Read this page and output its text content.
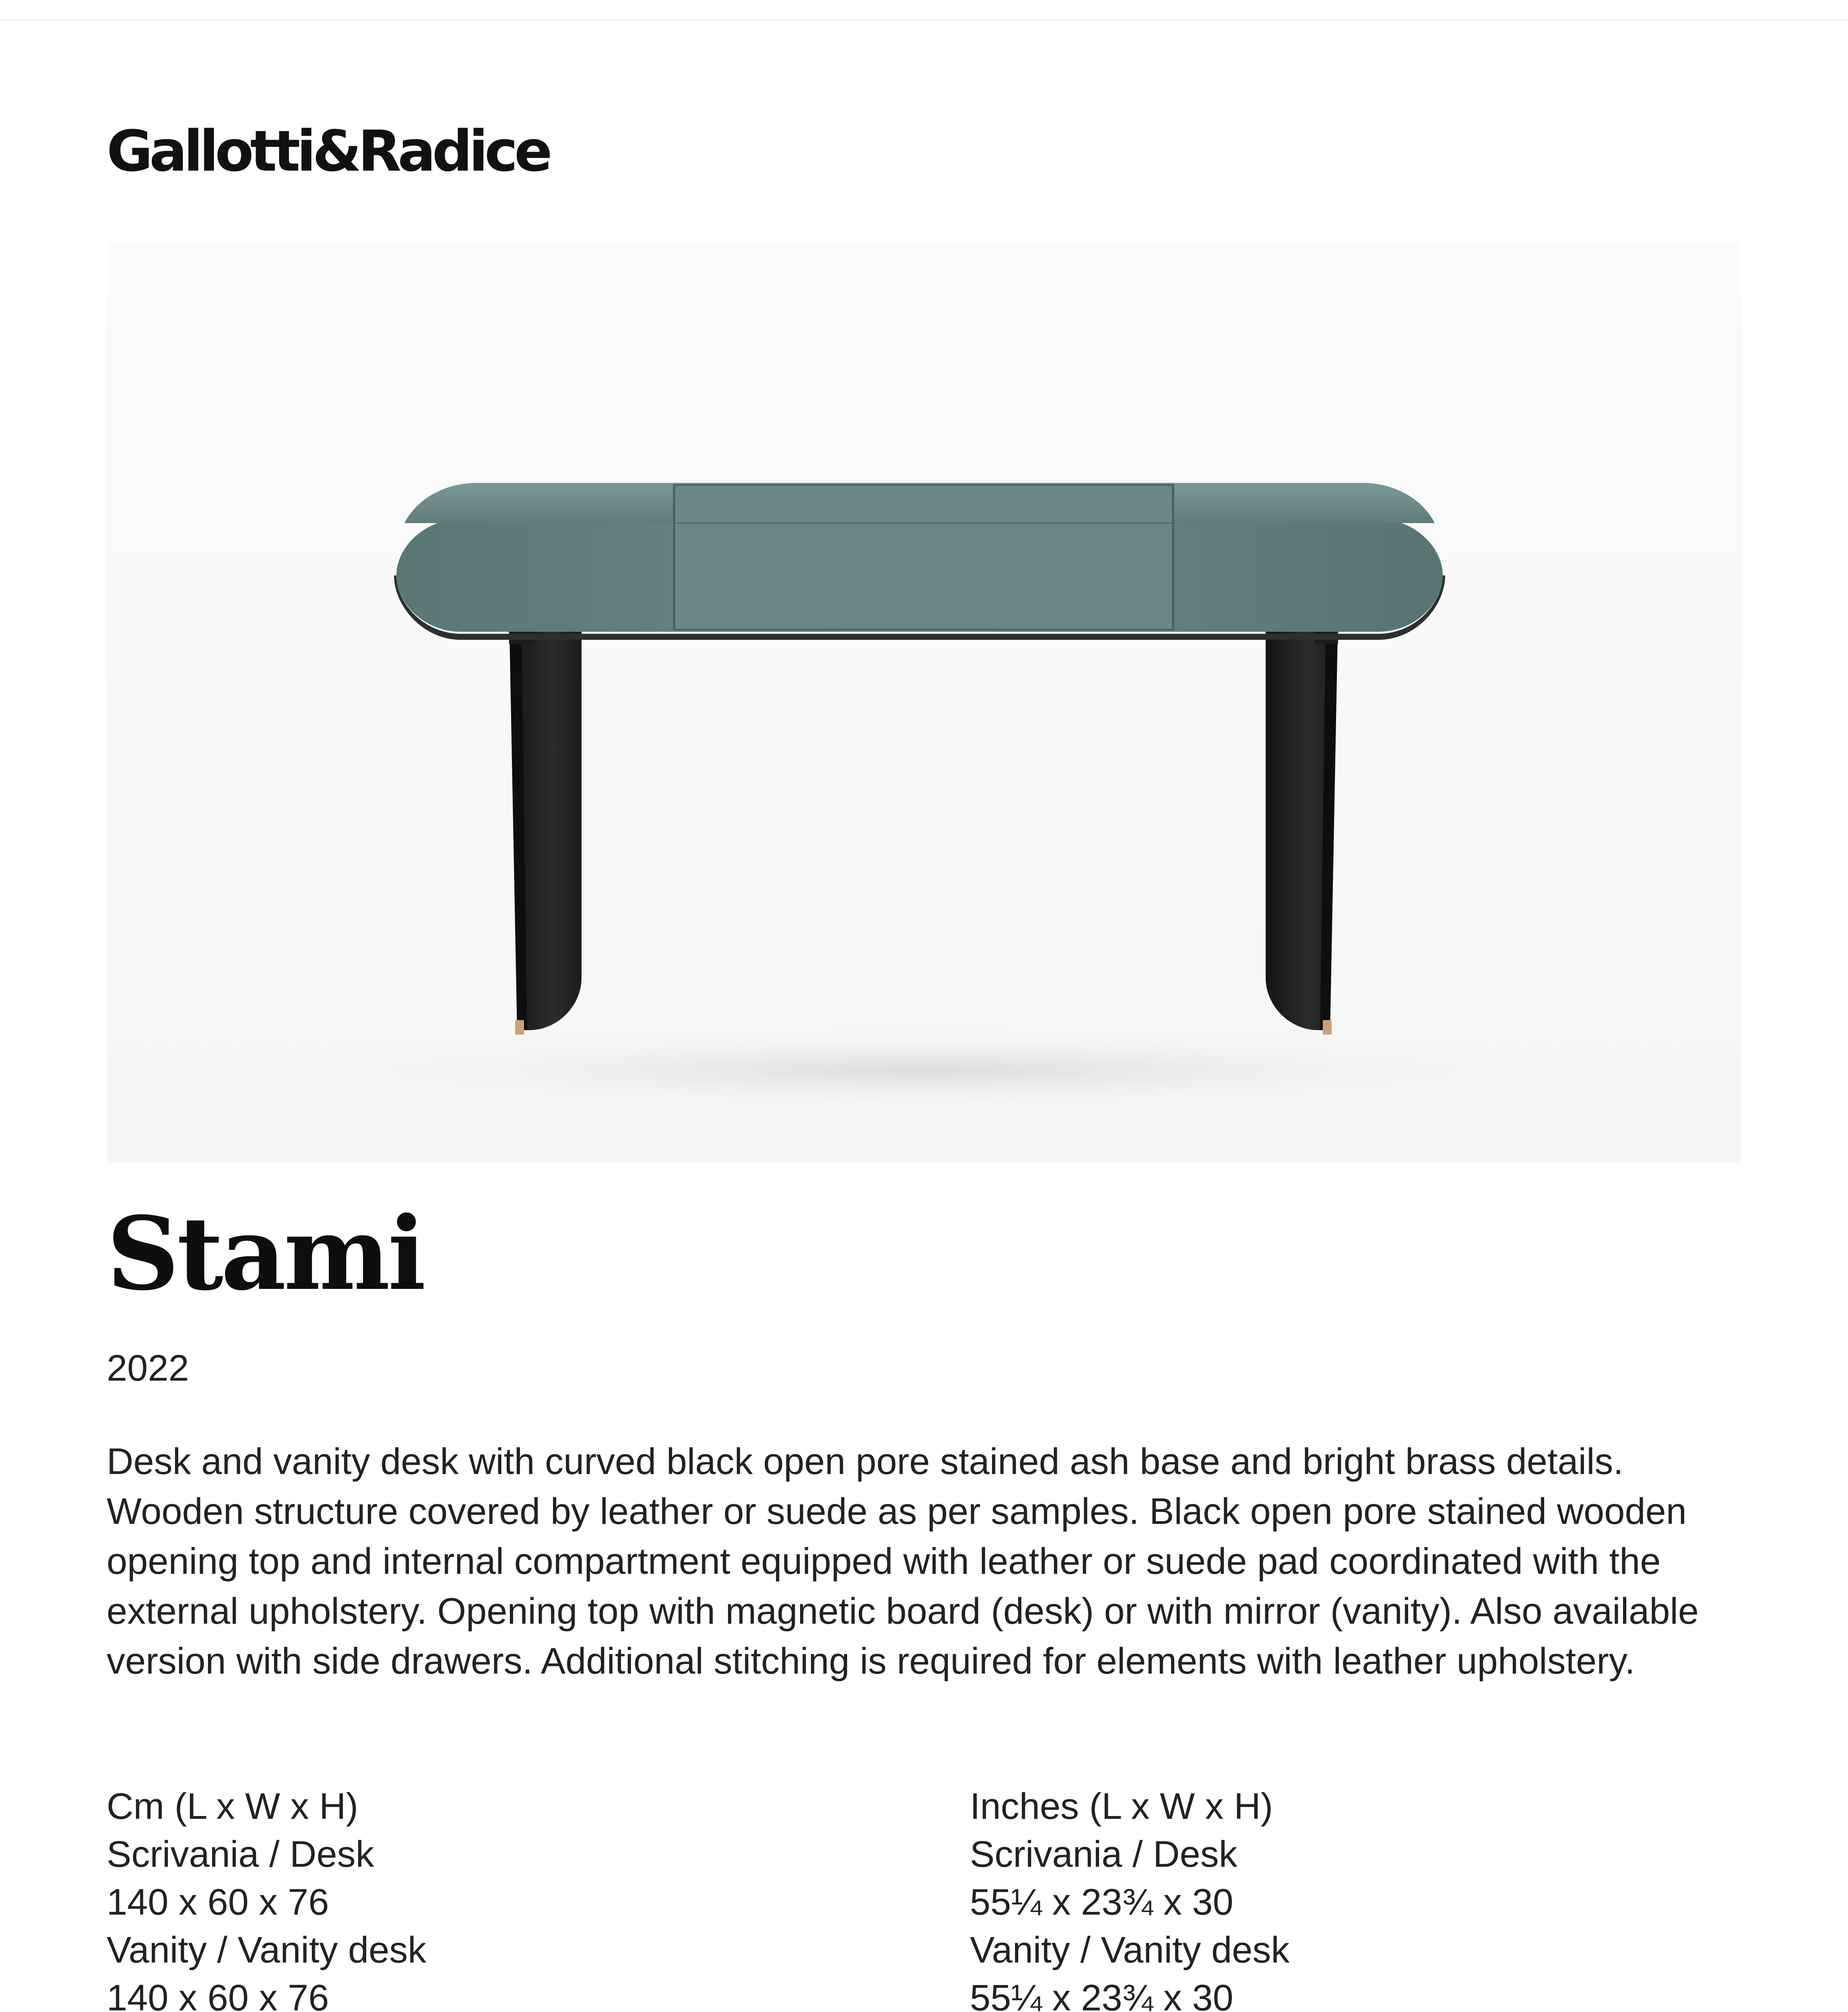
Gallotti&Radice
Stami
2022

Desk and vanity desk with curved black open pore stained ash base and bright brass details. Wooden structure covered by leather or suede as per samples. Black open pore stained wooden opening top and internal compartment equipped with leather or suede pad coordinated with the external upholstery. Opening top with magnetic board (desk) or with mirror (vanity). Also available version with side drawers. Additional stitching is required for elements with leather upholstery.

Cm (L x W x H)
Scrivania / Desk
140 x 60 x 76
Vanity / Vanity desk
140 x 60 x 76
Inches (L x W x H)
Scrivania / Desk
55¼ x 23¾ x 30
Vanity / Vanity desk
55¼ x 23¾ x 30
